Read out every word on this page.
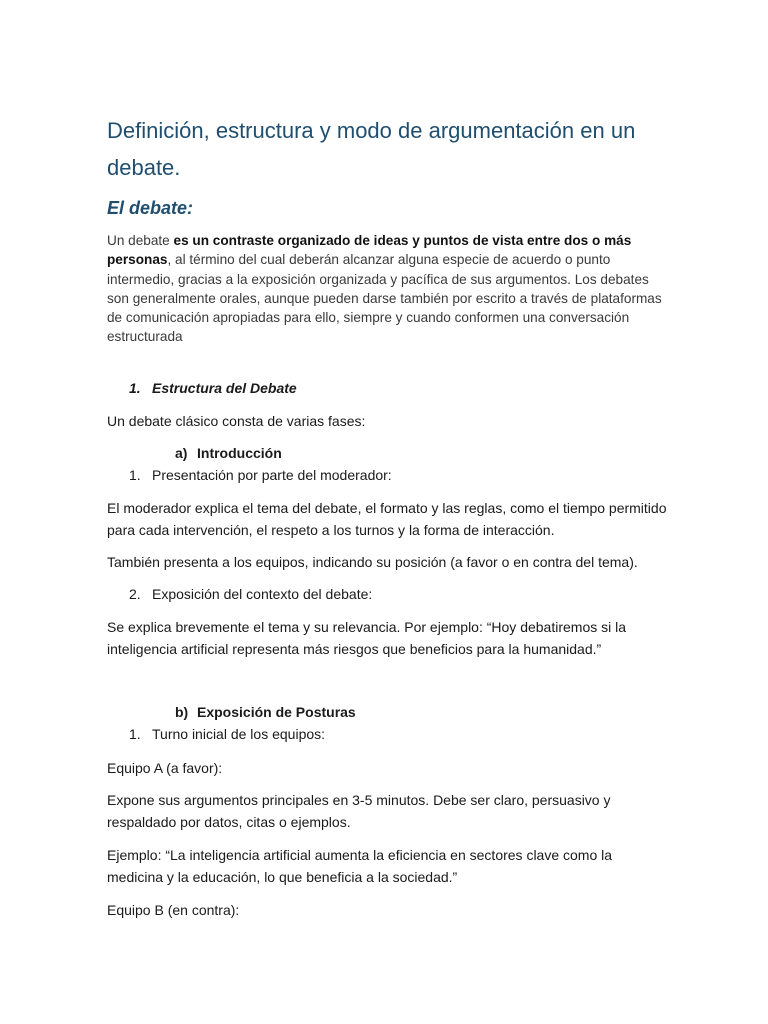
Definición, estructura y modo de argumentación en un debate.
El debate:

Un debate es un contraste organizado de ideas y puntos de vista entre dos o más personas, al término del cual deberán alcanzar alguna especie de acuerdo o punto intermedio, gracias a la exposición organizada y pacífica de sus argumentos. Los debates son generalmente orales, aunque pueden darse también por escrito a través de plataformas de comunicación apropiadas para ello, siempre y cuando conformen una conversación estructurada

1. Estructura del Debate

Un debate clásico consta de varias fases:

a) Introducción
1. Presentación por parte del moderador:

El moderador explica el tema del debate, el formato y las reglas, como el tiempo permitido para cada intervención, el respeto a los turnos y la forma de interacción.

También presenta a los equipos, indicando su posición (a favor o en contra del tema).

2. Exposición del contexto del debate:

Se explica brevemente el tema y su relevancia. Por ejemplo: “Hoy debatiremos si la inteligencia artificial representa más riesgos que beneficios para la humanidad.”

b) Exposición de Posturas
1. Turno inicial de los equipos:

Equipo A (a favor):

Expone sus argumentos principales en 3-5 minutos. Debe ser claro, persuasivo y respaldado por datos, citas o ejemplos.

Ejemplo: “La inteligencia artificial aumenta la eficiencia en sectores clave como la medicina y la educación, lo que beneficia a la sociedad.”

Equipo B (en contra):
